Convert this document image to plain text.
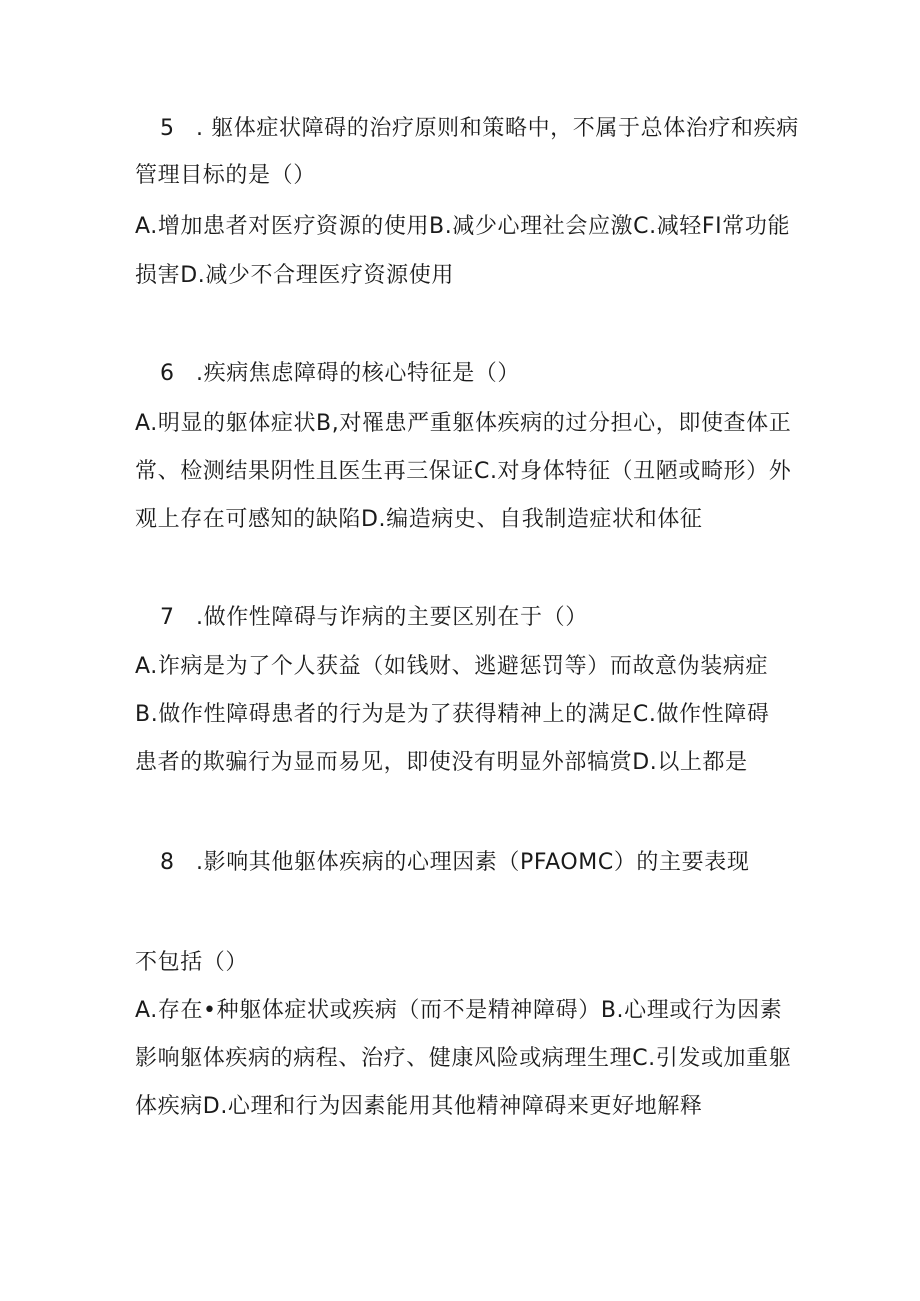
5 . 躯体症状障碍的治疗原则和策略中，不属于总体治疗和疾病
管理目标的是（）
A.增加患者对医疗资源的使用B.减少心理社会应激C.减轻FI常功能
损害D.减少不合理医疗资源使用
6 .疾病焦虑障碍的核心特征是（）
A.明显的躯体症状B,对罹患严重躯体疾病的过分担心，即使查体正
常、检测结果阴性且医生再三保证C.对身体特征（丑陋或畸形）外
观上存在可感知的缺陷D.编造病史、自我制造症状和体征
7 .做作性障碍与诈病的主要区别在于（）
A.诈病是为了个人获益（如钱财、逃避惩罚等）而故意伪装病症
B.做作性障碍患者的行为是为了获得精神上的满足C.做作性障碍
患者的欺骗行为显而易见，即使没有明显外部犒赏D.以上都是
8 .影响其他躯体疾病的心理因素（PFAOMC）的主要表现
不包括（）
A.存在•种躯体症状或疾病（而不是精神障碍）B.心理或行为因素
影响躯体疾病的病程、治疗、健康风险或病理生理C.引发或加重躯
体疾病D.心理和行为因素能用其他精神障碍来更好地解释
